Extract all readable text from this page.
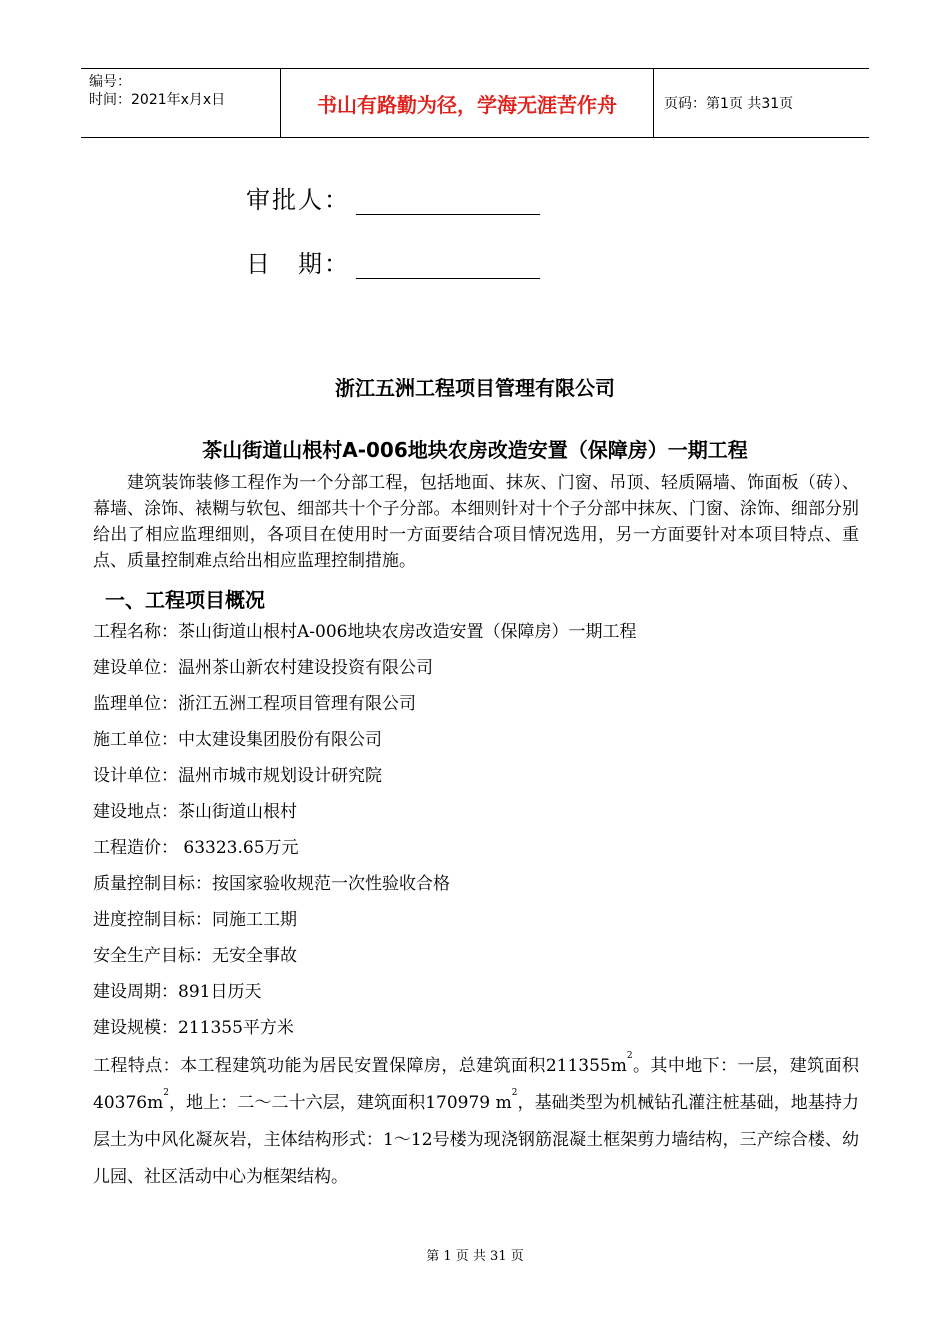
编号：
时间：2021年x月x日	书山有路勤为径，学海无涯苦作舟	页码：第1页 共31页
审批人：
日　期：
浙江五洲工程项目管理有限公司
茶山街道山根村A-006地块农房改造安置（保障房）一期工程
建筑装饰装修工程作为一个分部工程，包括地面、抹灰、门窗、吊顶、轻质隔墙、饰面板（砖）、幕墙、涂饰、裱糊与软包、细部共十个子分部。本细则针对十个子分部中抹灰、门窗、涂饰、细部分别给出了相应监理细则，各项目在使用时一方面要结合项目情况选用，另一方面要针对本项目特点、重点、质量控制难点给出相应监理控制措施。
一、工程项目概况
工程名称：茶山街道山根村A-006地块农房改造安置（保障房）一期工程
建设单位：温州茶山新农村建设投资有限公司
监理单位：浙江五洲工程项目管理有限公司
施工单位：中太建设集团股份有限公司
设计单位：温州市城市规划设计研究院
建设地点：茶山街道山根村
工程造价： 63323.65万元
质量控制目标：按国家验收规范一次性验收合格
进度控制目标：同施工工期
安全生产目标：无安全事故
建设周期：891日历天
建设规模：211355平方米
工程特点：本工程建筑功能为居民安置保障房，总建筑面积$211355m^2$。其中地下：一层，建筑面积$40376m^2$，地上：二～二十六层，建筑面积170979 $m^2$，基础类型为机械钻孔灌注桩基础，地基持力层土为中风化凝灰岩，主体结构形式：1～12号楼为现浇钢筋混凝土框架剪力墙结构，三产综合楼、幼儿园、社区活动中心为框架结构。
第 1 页 共 31 页
